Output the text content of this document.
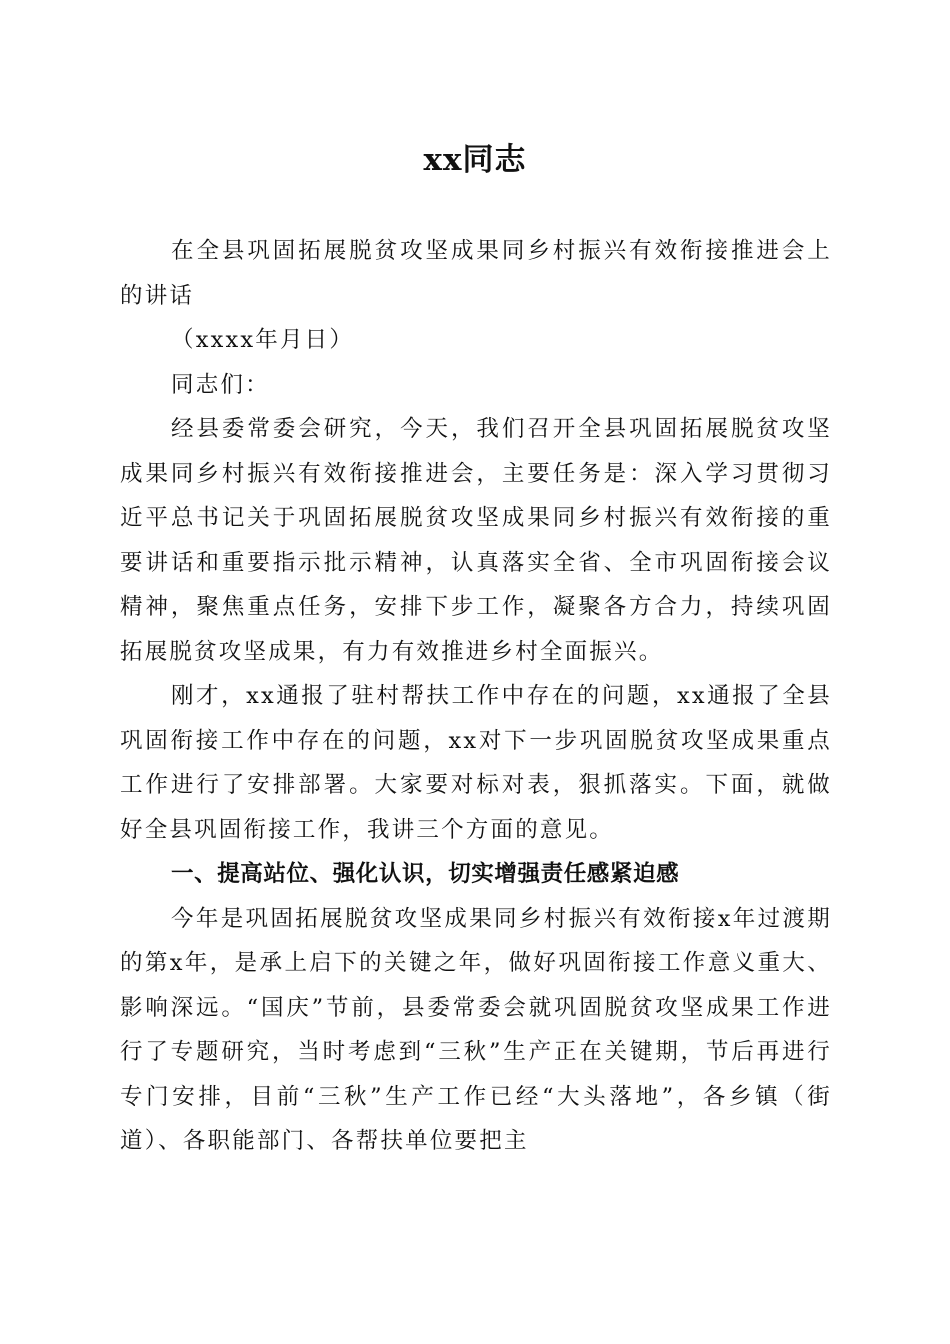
xx同志

在全县巩固拓展脱贫攻坚成果同乡村振兴有效衔接推进会上的讲话

（xxxx年月日）

同志们：

经县委常委会研究，今天，我们召开全县巩固拓展脱贫攻坚成果同乡村振兴有效衔接推进会，主要任务是：深入学习贯彻习近平总书记关于巩固拓展脱贫攻坚成果同乡村振兴有效衔接的重要讲话和重要指示批示精神，认真落实全省、全市巩固衔接会议精神，聚焦重点任务，安排下步工作，凝聚各方合力，持续巩固拓展脱贫攻坚成果，有力有效推进乡村全面振兴。

刚才，xx通报了驻村帮扶工作中存在的问题，xx通报了全县巩固衔接工作中存在的问题，xx对下一步巩固脱贫攻坚成果重点工作进行了安排部署。大家要对标对表，狠抓落实。下面，就做好全县巩固衔接工作，我讲三个方面的意见。

一、提高站位、强化认识，切实增强责任感紧迫感

今年是巩固拓展脱贫攻坚成果同乡村振兴有效衔接x年过渡期的第x年，是承上启下的关键之年，做好巩固衔接工作意义重大、影响深远。“国庆”节前，县委常委会就巩固脱贫攻坚成果工作进行了专题研究，当时考虑到“三秋”生产正在关键期，节后再进行专门安排，目前“三秋”生产工作已经“大头落地”，各乡镇（街道）、各职能部门、各帮扶单位要把主
